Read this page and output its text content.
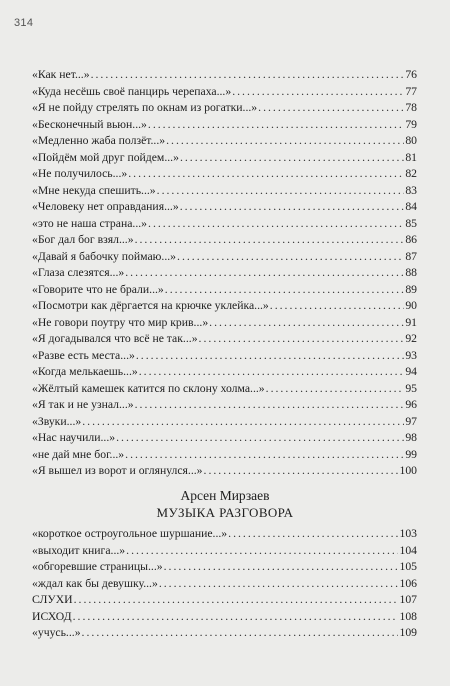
314
«Как нет...» .....	76
«Куда несёшь своё панцирь черепаха...» .....	77
«Я не пойду стрелять по окнам из рогатки...» .....	78
«Бесконечный вьюн...» .....	79
«Медленно жаба ползёт...» .....	80
«Пойдём мой друг пойдем...» .....	81
«Не получилось...» .....	82
«Мне некуда спешить...» .....	83
«Человеку нет оправдания...» .....	84
«это не наша страна...» .....	85
«Бог дал бог взял...» .....	86
«Давай я бабочку поймаю...» .....	87
«Глаза слезятся...» .....	88
«Говорите что не брали...» .....	89
«Посмотри как дёргается на крючке уклейка...» .....	90
«Не говори поутру что мир крив...» .....	91
«Я догадывался что всё не так...» .....	92
«Разве есть места...» .....	93
«Когда мелькаешь...» .....	94
«Жёлтый камешек катится по склону холма...» .....	95
«Я так и не узнал...» .....	96
«Звуки...» .....	97
«Нас научили...» .....	98
«не дай мне бог...» .....	99
«Я вышел из ворот и оглянулся...» .....	100
Арсен Мирзаев
МУЗЫКА РАЗГОВОРА
«короткое остроугольное шуршание...» .....	103
«выходит книга...» .....	104
«обгоревшие страницы...» .....	105
«ждал как бы девушку...» .....	106
СЛУХИ .....	107
ИСХОД .....	108
«учусь...» .....	109
